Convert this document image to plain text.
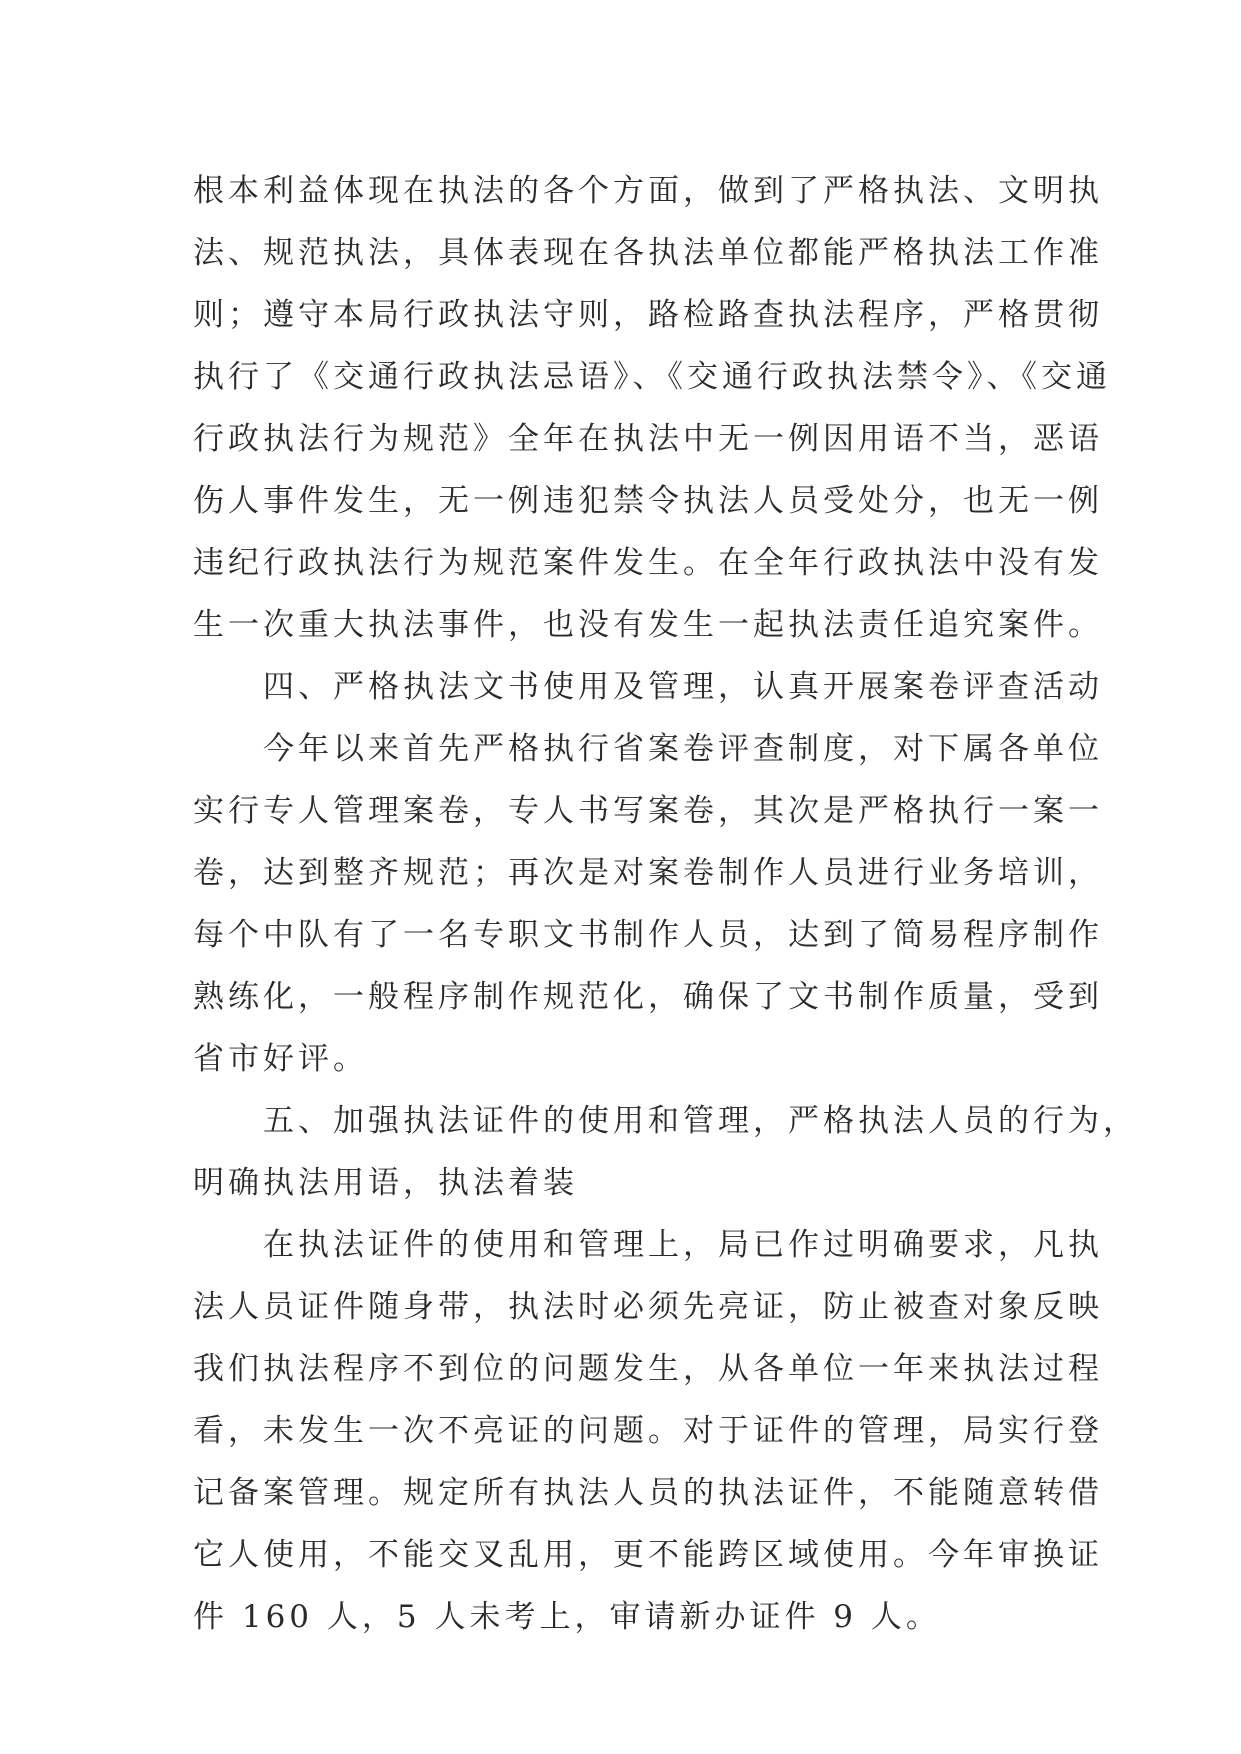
根本利益体现在执法的各个方面，做到了严格执法、文明执
法、规范执法，具体表现在各执法单位都能严格执法工作准
则；遵守本局行政执法守则，路检路查执法程序，严格贯彻
执行了《交通行政执法忌语》、《交通行政执法禁令》、《交通
行政执法行为规范》全年在执法中无一例因用语不当，恶语
伤人事件发生，无一例违犯禁令执法人员受处分，也无一例
违纪行政执法行为规范案件发生。在全年行政执法中没有发
生一次重大执法事件，也没有发生一起执法责任追究案件。
四、严格执法文书使用及管理，认真开展案卷评查活动
今年以来首先严格执行省案卷评查制度，对下属各单位
实行专人管理案卷，专人书写案卷，其次是严格执行一案一
卷，达到整齐规范；再次是对案卷制作人员进行业务培训，
每个中队有了一名专职文书制作人员，达到了简易程序制作
熟练化，一般程序制作规范化，确保了文书制作质量，受到
省市好评。
五、加强执法证件的使用和管理，严格执法人员的行为，
明确执法用语，执法着装
在执法证件的使用和管理上，局已作过明确要求，凡执
法人员证件随身带，执法时必须先亮证，防止被查对象反映
我们执法程序不到位的问题发生，从各单位一年来执法过程
看，未发生一次不亮证的问题。对于证件的管理，局实行登
记备案管理。规定所有执法人员的执法证件，不能随意转借
它人使用，不能交叉乱用，更不能跨区域使用。今年审换证
件 160 人，5 人未考上，审请新办证件 9 人。
